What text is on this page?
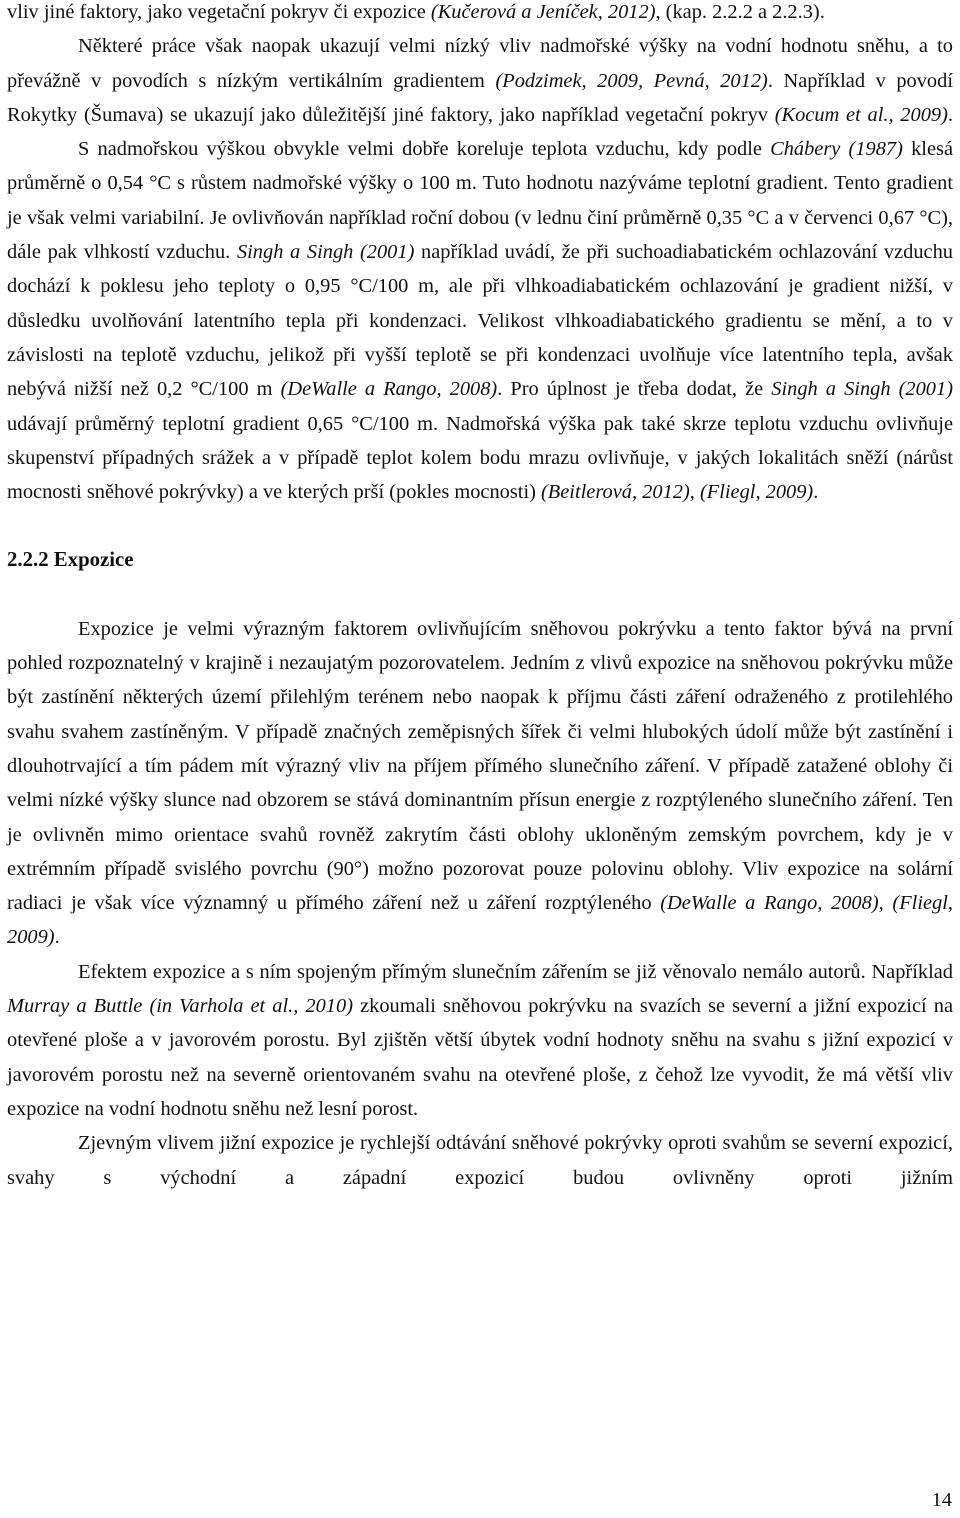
vliv jiné faktory, jako vegetační pokryv či expozice (Kučerová a Jeníček, 2012), (kap. 2.2.2 a 2.2.3).

Některé práce však naopak ukazují velmi nízký vliv nadmořské výšky na vodní hodnotu sněhu, a to převážně v povodích s nízkým vertikálním gradientem (Podzimek, 2009, Pevná, 2012). Například v povodí Rokytky (Šumava) se ukazují jako důležitější jiné faktory, jako například vegetační pokryv (Kocum et al., 2009).

S nadmořskou výškou obvykle velmi dobře koreluje teplota vzduchu, kdy podle Chábery (1987) klesá průměrně o 0,54 °C s růstem nadmořské výšky o 100 m. Tuto hodnotu nazýváme teplotní gradient. Tento gradient je však velmi variabilní. Je ovlivňován například roční dobou (v lednu činí průměrně 0,35 °C a v červenci 0,67 °C), dále pak vlhkostí vzduchu. Singh a Singh (2001) například uvádí, že při suchoadiabatickém ochlazování vzduchu dochází k poklesu jeho teploty o 0,95 °C/100 m, ale při vlhkoadiabatickém ochlazování je gradient nižší, v důsledku uvolňování latentního tepla při kondenzaci. Velikost vlhkoadiabatického gradientu se mění, a to v závislosti na teplotě vzduchu, jelikož při vyšší teplotě se při kondenzaci uvolňuje více latentního tepla, avšak nebývá nižší než 0,2 °C/100 m (DeWalle a Rango, 2008). Pro úplnost je třeba dodat, že Singh a Singh (2001) udávají průměrný teplotní gradient 0,65 °C/100 m. Nadmořská výška pak také skrze teplotu vzduchu ovlivňuje skupenství případných srážek a v případě teplot kolem bodu mrazu ovlivňuje, v jakých lokalitách sněží (nárůst mocnosti sněhové pokrývky) a ve kterých prší (pokles mocnosti) (Beitlerová, 2012), (Fliegl, 2009).

2.2.2 Expozice

Expozice je velmi výrazným faktorem ovlivňujícím sněhovou pokrývku a tento faktor bývá na první pohled rozpoznatelný v krajině i nezaujatým pozorovatelem. Jedním z vlivů expozice na sněhovou pokrývku může být zastínění některých území přilehlým terénem nebo naopak k příjmu části záření odraženého z protilehlého svahu svahem zastíněným. V případě značných zeměpisných šířek či velmi hlubokých údolí může být zastínění i dlouhotrvající a tím pádem mít výrazný vliv na příjem přímého slunečního záření. V případě zatažené oblohy či velmi nízké výšky slunce nad obzorem se stává dominantním přísun energie z rozptýleného slunečního záření. Ten je ovlivněn mimo orientace svahů rovněž zakrytím části oblohy ukloněným zemským povrchem, kdy je v extrémním případě svislého povrchu (90°) možno pozorovat pouze polovinu oblohy. Vliv expozice na solární radiaci je však více významný u přímého záření než u záření rozptýleného (DeWalle a Rango, 2008), (Fliegl, 2009).

Efektem expozice a s ním spojeným přímým slunečním zářením se již věnovalo nemálo autorů. Například Murray a Buttle (in Varhola et al., 2010) zkoumali sněhovou pokrývku na svazích se severní a jižní expozicí na otevřené ploše a v javorovém porostu. Byl zjištěn větší úbytek vodní hodnoty sněhu na svahu s jižní expozicí v javorovém porostu než na severně orientovaném svahu na otevřené ploše, z čehož lze vyvodit, že má větší vliv expozice na vodní hodnotu sněhu než lesní porost.

Zjevným vlivem jižní expozice je rychlejší odtávání sněhové pokrývky oproti svahům se severní expozicí, svahy s východní a západní expozicí budou ovlivněny oproti jižním

14
